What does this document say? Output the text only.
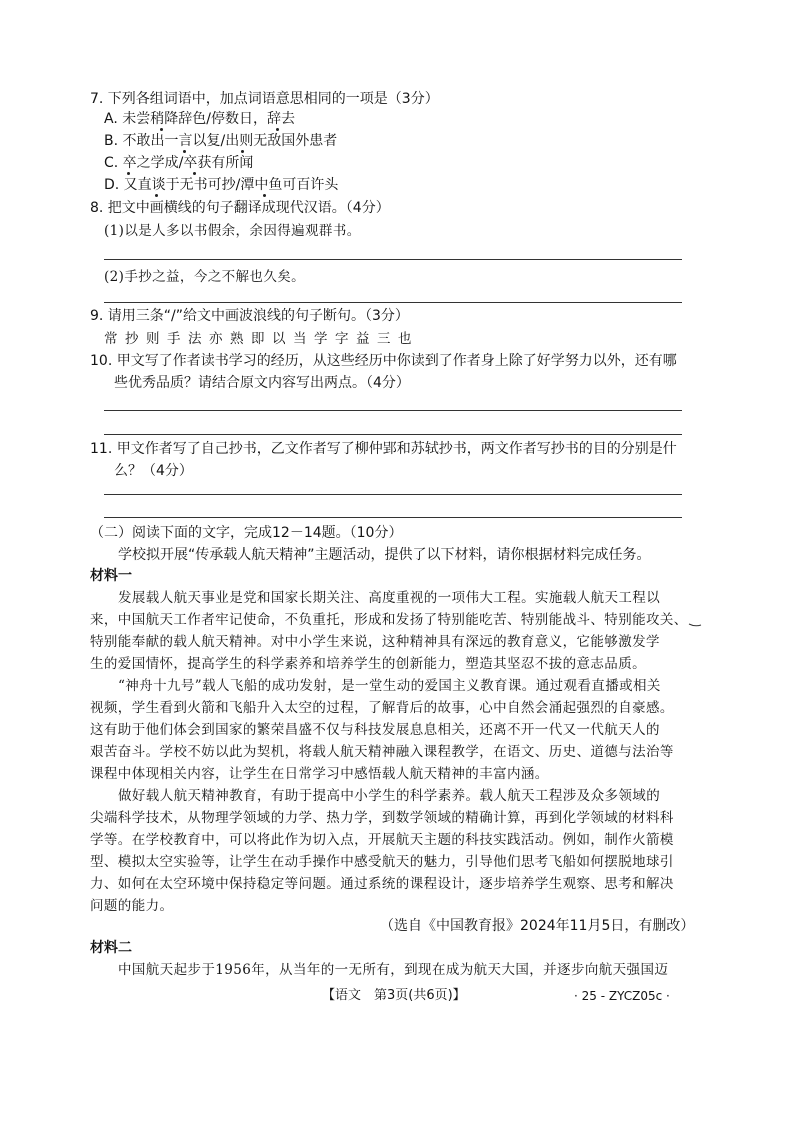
7. 下列各组词语中，加点词语意思相同的一项是（3分）
A. 未尝稍降辞色/停数日，辞去
B. 不敢出一言以复/出则无敌国外患者
C. 卒之学成/卒获有所闻
D. 又直谈于无书可抄/潭中鱼可百许头
8. 把文中画横线的句子翻译成现代汉语。（4分）
(1)以是人多以书假余，余因得遍观群书。
(2)手抄之益，今之不解也久矣。
9. 请用三条“/”给文中画波浪线的句子断句。（3分）
常抄则手法亦熟即以当学字益三也
10. 甲文写了作者读书学习的经历，从这些经历中你读到了作者身上除了好学努力以外，还有哪
些优秀品质？请结合原文内容写出两点。（4分）
11. 甲文作者写了自己抄书，乙文作者写了柳仲郢和苏轼抄书，两文作者写抄书的目的分别是什
么？（4分）
（二）阅读下面的文字，完成12－14题。（10分）
学校拟开展“传承载人航天精神”主题活动，提供了以下材料，请你根据材料完成任务。
材料一
发展载人航天事业是党和国家长期关注、高度重视的一项伟大工程。实施载人航天工程以
来，中国航天工作者牢记使命，不负重托，形成和发扬了特别能吃苦、特别能战斗、特别能攻关、
特别能奉献的载人航天精神。对中小学生来说，这种精神具有深远的教育意义，它能够激发学
生的爱国情怀，提高学生的科学素养和培养学生的创新能力，塑造其坚忍不拔的意志品质。
“神舟十九号”载人飞船的成功发射，是一堂生动的爱国主义教育课。通过观看直播或相关
视频，学生看到火箭和飞船升入太空的过程，了解背后的故事，心中自然会涌起强烈的自豪感。
这有助于他们体会到国家的繁荣昌盛不仅与科技发展息息相关，还离不开一代又一代航天人的
艰苦奋斗。学校不妨以此为契机，将载人航天精神融入课程教学，在语文、历史、道德与法治等
课程中体现相关内容，让学生在日常学习中感悟载人航天精神的丰富内涵。
做好载人航天精神教育，有助于提高中小学生的科学素养。载人航天工程涉及众多领域的
尖端科学技术，从物理学领域的力学、热力学，到数学领域的精确计算，再到化学领域的材料科
学等。在学校教育中，可以将此作为切入点，开展航天主题的科技实践活动。例如，制作火箭模
型、模拟太空实验等，让学生在动手操作中感受航天的魅力，引导他们思考飞船如何摆脱地球引
力、如何在太空环境中保持稳定等问题。通过系统的课程设计，逐步培养学生观察、思考和解决
问题的能力。
（选自《中国教育报》2024年11月5日，有删改）
材料二
中国航天起步于1956年，从当年的一无所有，到现在成为航天大国，并逐步向航天强国迈
【语文　第3页(共6页)】	· 25 - ZYCZ05c ·
